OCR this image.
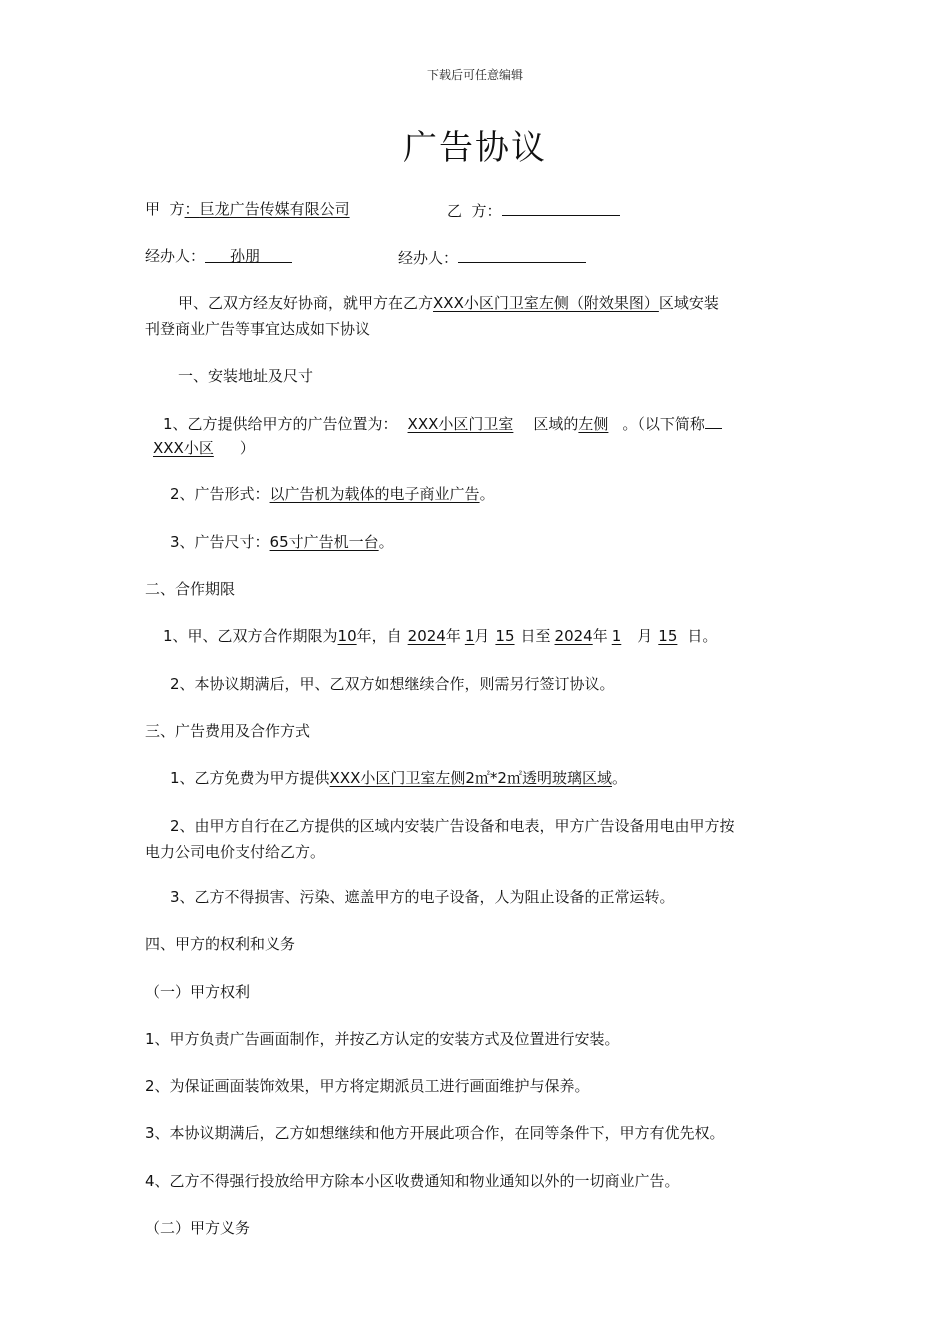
下载后可任意编辑
广告协议
甲  方：巨龙广告传媒有限公司	乙  方：
经办人： 孙朋	经办人：
甲、乙双方经友好协商，就甲方在乙方XXX小区门卫室左侧（附效果图）区域安装
刊登商业广告等事宜达成如下协议
一、安装地址及尺寸
1、乙方提供给甲方的广告位置为： XXX小区门卫室 区域的左侧 。（以下简称
XXX小区 ）
2、广告形式：以广告机为载体的电子商业广告。
3、广告尺寸：65寸广告机一台。
二、合作期限
1、甲、乙双方合作期限为10年，自 2024年 1月 15 日至 2024年 1 月 15 日。
2、本协议期满后，甲、乙双方如想继续合作，则需另行签订协议。
三、广告费用及合作方式
1、乙方免费为甲方提供XXX小区门卫室左侧2㎡*2㎡透明玻璃区域。
2、由甲方自行在乙方提供的区域内安装广告设备和电表，甲方广告设备用电由甲方按
电力公司电价支付给乙方。
3、乙方不得损害、污染、遮盖甲方的电子设备，人为阻止设备的正常运转。
四、甲方的权利和义务
（一）甲方权利
1、甲方负责广告画面制作，并按乙方认定的安装方式及位置进行安装。
2、为保证画面装饰效果，甲方将定期派员工进行画面维护与保养。
3、本协议期满后，乙方如想继续和他方开展此项合作，在同等条件下，甲方有优先权。
4、乙方不得强行投放给甲方除本小区收费通知和物业通知以外的一切商业广告。
（二）甲方义务
